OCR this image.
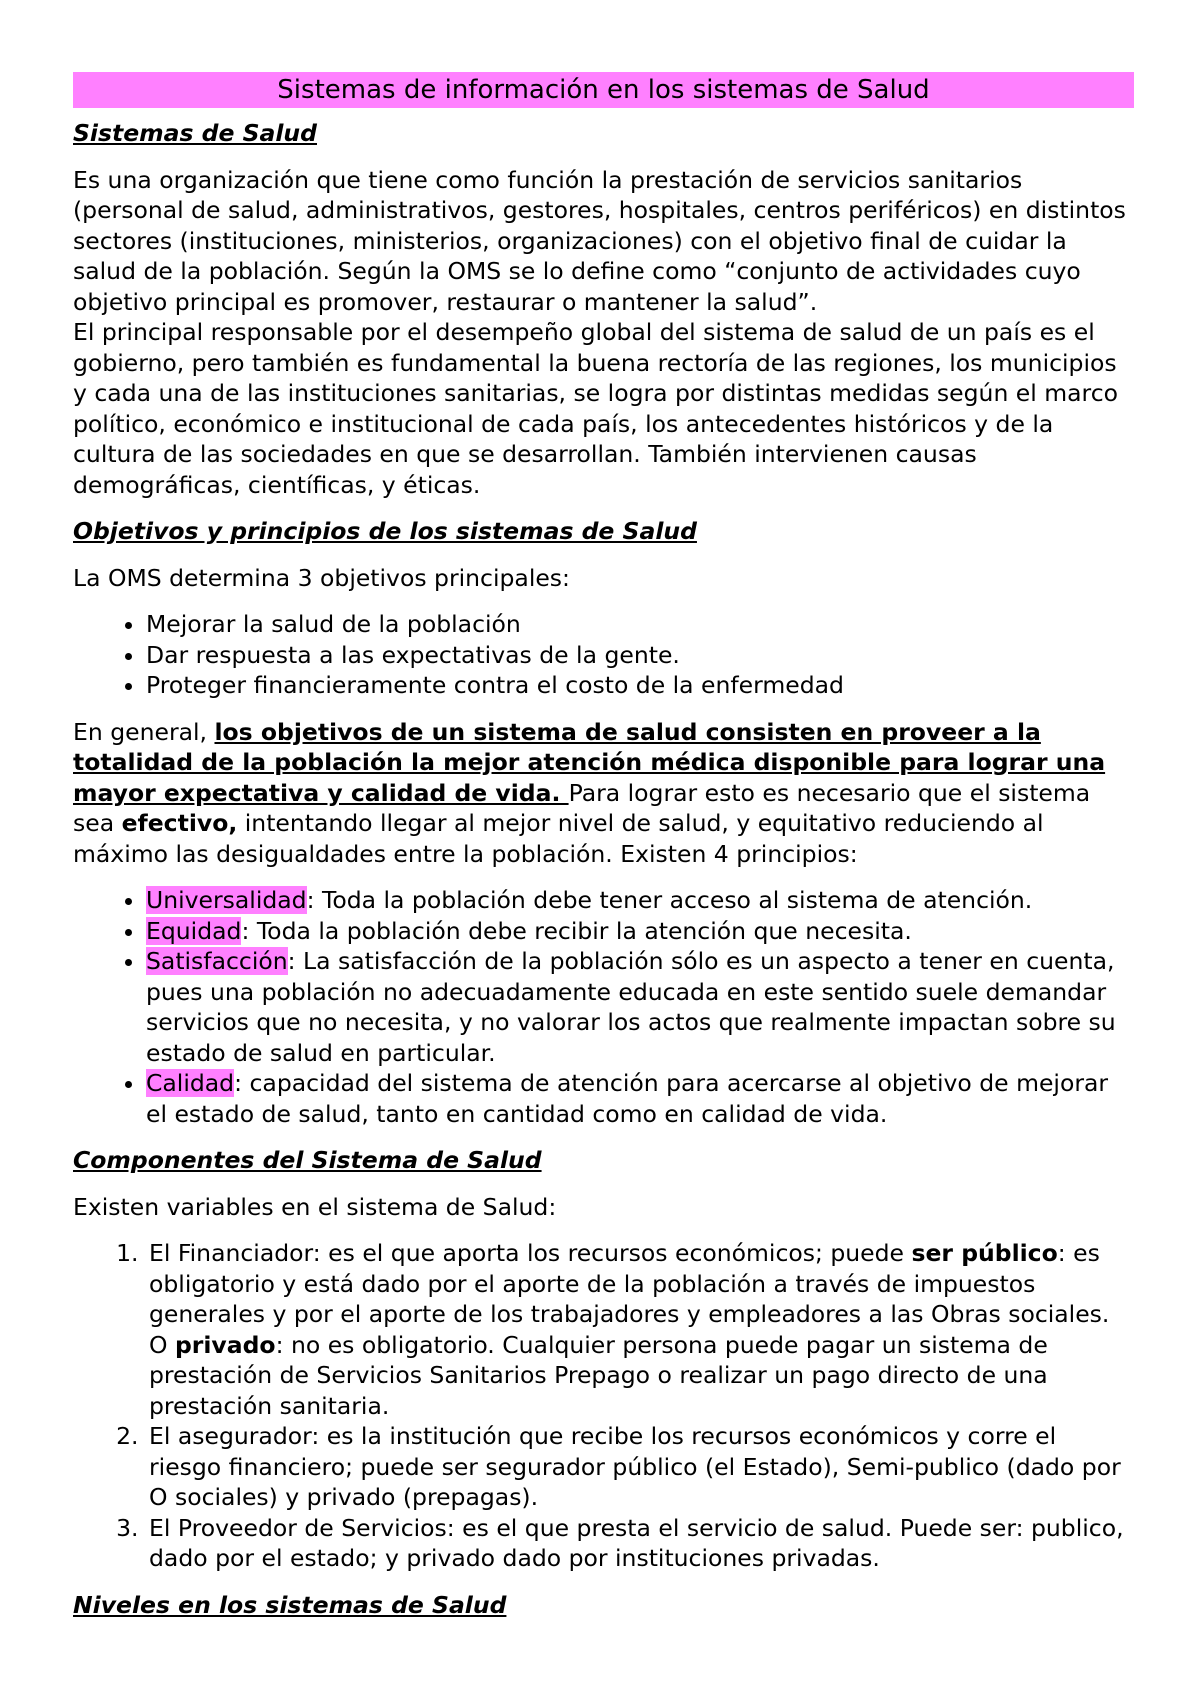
Sistemas de información en los sistemas de Salud
Sistemas de Salud

Es una organización que tiene como función la prestación de servicios sanitarios (personal de salud, administrativos, gestores, hospitales, centros periféricos) en distintos sectores (instituciones, ministerios, organizaciones) con el objetivo final de cuidar la salud de la población. Según la OMS se lo define como “conjunto de actividades cuyo objetivo principal es promover, restaurar o mantener la salud”.

El principal responsable por el desempeño global del sistema de salud de un país es el gobierno, pero también es fundamental la buena rectoría de las regiones, los municipios y cada una de las instituciones sanitarias, se logra por distintas medidas según el marco político, económico e institucional de cada país, los antecedentes históricos y de la cultura de las sociedades en que se desarrollan. También intervienen causas demográficas, científicas, y éticas.

Objetivos y principios de los sistemas de Salud

La OMS determina 3 objetivos principales:

• Mejorar la salud de la población
• Dar respuesta a las expectativas de la gente.
• Proteger financieramente contra el costo de la enfermedad

En general, los objetivos de un sistema de salud consisten en proveer a la totalidad de la población la mejor atención médica disponible para lograr una mayor expectativa y calidad de vida. Para lograr esto es necesario que el sistema sea efectivo, intentando llegar al mejor nivel de salud, y equitativo reduciendo al máximo las desigualdades entre la población. Existen 4 principios:

• Universalidad: Toda la población debe tener acceso al sistema de atención.
• Equidad: Toda la población debe recibir la atención que necesita.
• Satisfacción: La satisfacción de la población sólo es un aspecto a tener en cuenta, pues una población no adecuadamente educada en este sentido suele demandar servicios que no necesita, y no valorar los actos que realmente impactan sobre su estado de salud en particular.
• Calidad: capacidad del sistema de atención para acercarse al objetivo de mejorar el estado de salud, tanto en cantidad como en calidad de vida.
Componentes del Sistema de Salud

Existen variables en el sistema de Salud:

1. El Financiador: es el que aporta los recursos económicos; puede ser público: es obligatorio y está dado por el aporte de la población a través de impuestos generales y por el aporte de los trabajadores y empleadores a las Obras sociales. O privado: no es obligatorio. Cualquier persona puede pagar un sistema de prestación de Servicios Sanitarios Prepago o realizar un pago directo de una prestación sanitaria.
2. El asegurador: es la institución que recibe los recursos económicos y corre el riesgo financiero; puede ser segurador público (el Estado), Semi-publico (dado por O sociales) y privado (prepagas).
3. El Proveedor de Servicios: es el que presta el servicio de salud. Puede ser: publico, dado por el estado; y privado dado por instituciones privadas.
Niveles en los sistemas de Salud
